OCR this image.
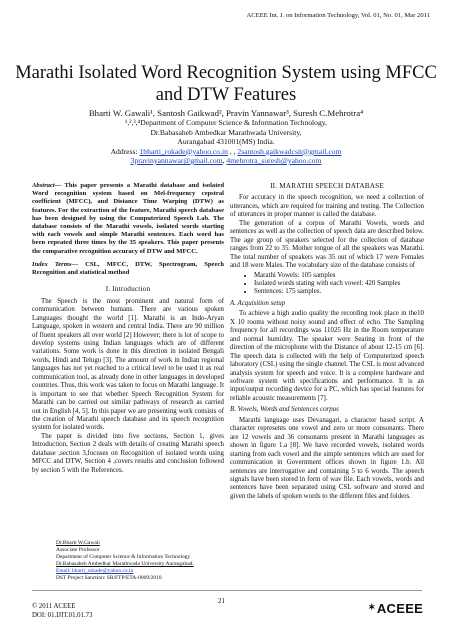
ACEEE Int. J. on Information Technology, Vol. 01, No. 01, Mar 2011
Marathi Isolated Word Recognition System using MFCC and DTW Features
Bharti W. Gawali¹, Santosh Gaikwad², Pravin Yannawar³, Suresh C.Mehrotra⁴
¹,²,³,⁴Department of Computer Science & Information Technology,
Dr.Babasaheb Ambedkar Marathwada University,
Aurangabad 431001(MS) India.
Address: 1bharti_rokade@yahoo.co.in , , 2santosh.gaikwadcsit@gmail.com
3pravinyannawar@gmail.com, 4mehrotra_suresh@yahoo.com

Abstract— This paper presents a Marathi database and isolated Word recognition system based on Mel-frequency cepstral coefficient (MFCC), and Distance Time Warping (DTW) as features. For the extraction of the feature, Marathi speech database has been designed by using the Computerized Speech Lab. The database consists of the Marathi vowels, isolated words starting with each vowels and simple Marathi sentences. Each word has been repeated three times by the 35 speakers. This paper presents the comparative recognition accuracy of DTW and MFCC.

Index Terms— CSL, MFCC, DTW, Spectrogram, Speech Recognition and statistical method

I. Introduction

The Speech is the most prominent and natural form of communication between humans. There are various spoken Languages thought the world [1]. Marathi is an Indo-Aryan Language, spoken in western and central India. There are 90 million of fluent speakers all over world [2] However; there is lot of scope to develop systems using Indian languages which are of different variations. Some work is done in this direction in isolated Bengali words, Hindi and Telugu [3]. The amount of work in Indian regional languages has not yet reached to a critical level to be used it as real communication tool, as already done in other languages in developed countries. Thus, this work was taken to focus on Marathi language. It is important to see that whether Speech Recognition System for Marathi can be carried out similar pathways of research as carried out in English [4, 5]. In this paper we are presenting work consists of the creation of Marathi speech database and its speech recognition system for isolated words.

The paper is divided into five sections, Section 1, gives Introduction, Section 2 deals with details of creating Marathi speech database ,section 3,focuses on Recognition of isolated words using MFCC and DTW, Section 4 ,covers results and conclusion followed by section 5 with the References.

Dr.Bharti W.Gawali
Associate Professor
Department of Computer Science & Information Technology
Dr.Babasaheb Ambedkar Marathwada University Aurangabad.
Email: bharti_rokade@yahoo.co.in
DST Project Sanction: SR/FTP/ETA-0009/2010
II. MARATHI SPEECH DATABASE

For accuracy in the speech recognition, we need a collection of utterances, which are required for training and testing. The Collection of utterances in proper manner is called the database.

The generation of a corpus of Marathi Vowels, words and sentences as well as the collection of speech data are described below. The age group of speakers selected for the collection of database ranges from 22 to 35. Mother tongue of all the speakers was Marathi. The total number of speakers was 35 out of which 17 were Females and 18 were Males. The vocabulary size of the database consists of

• Marathi Vowels: 105 samples
• Isolated words stating with each vowel: 420 Samples
• Sentences: 175 samples.
A. Acquisition setup

To achieve a high audio quality the recording took place in the10 X 10 rooms without noisy sound and effect of echo. The Sampling frequency for all recordings was 11025 Hz in the Room temperature and normal humidity. The speaker were Seating in front of the direction of the microphone with the Distance of about 12-15 cm [6]. The speech data is collected with the help of Computerized speech laboratory (CSL) using the single channel. The CSL is most advanced analysis system for speech and voice. It is a complete hardware and software system with specifications and performance. It is an input/output recording device for a PC, which has special features for reliable acoustic measurements [7].

B. Vowels, Words and Sentences corpus

Marathi language uses Devanagari, a character based script. A character represents one vowel and zero or more consonants. There are 12 vowels and 36 consonants present in Marathi languages as shown in figure 1.a [8]. We have recorded vowels, isolated words starting from each vowel and the simple sentences which are used for communication in Government offices shown in figure 1.b. All sentences are interrogative and containing 5 to 6 words. The speech signals have been stored in form of wav file. Each vowels, words and sentences have been separated using CSL software and stored and given the labels of spoken words to the different files and folders.

© 2011 ACEEE
DOI: 01.IJIT.01.01.73
21
✶ACEEE
